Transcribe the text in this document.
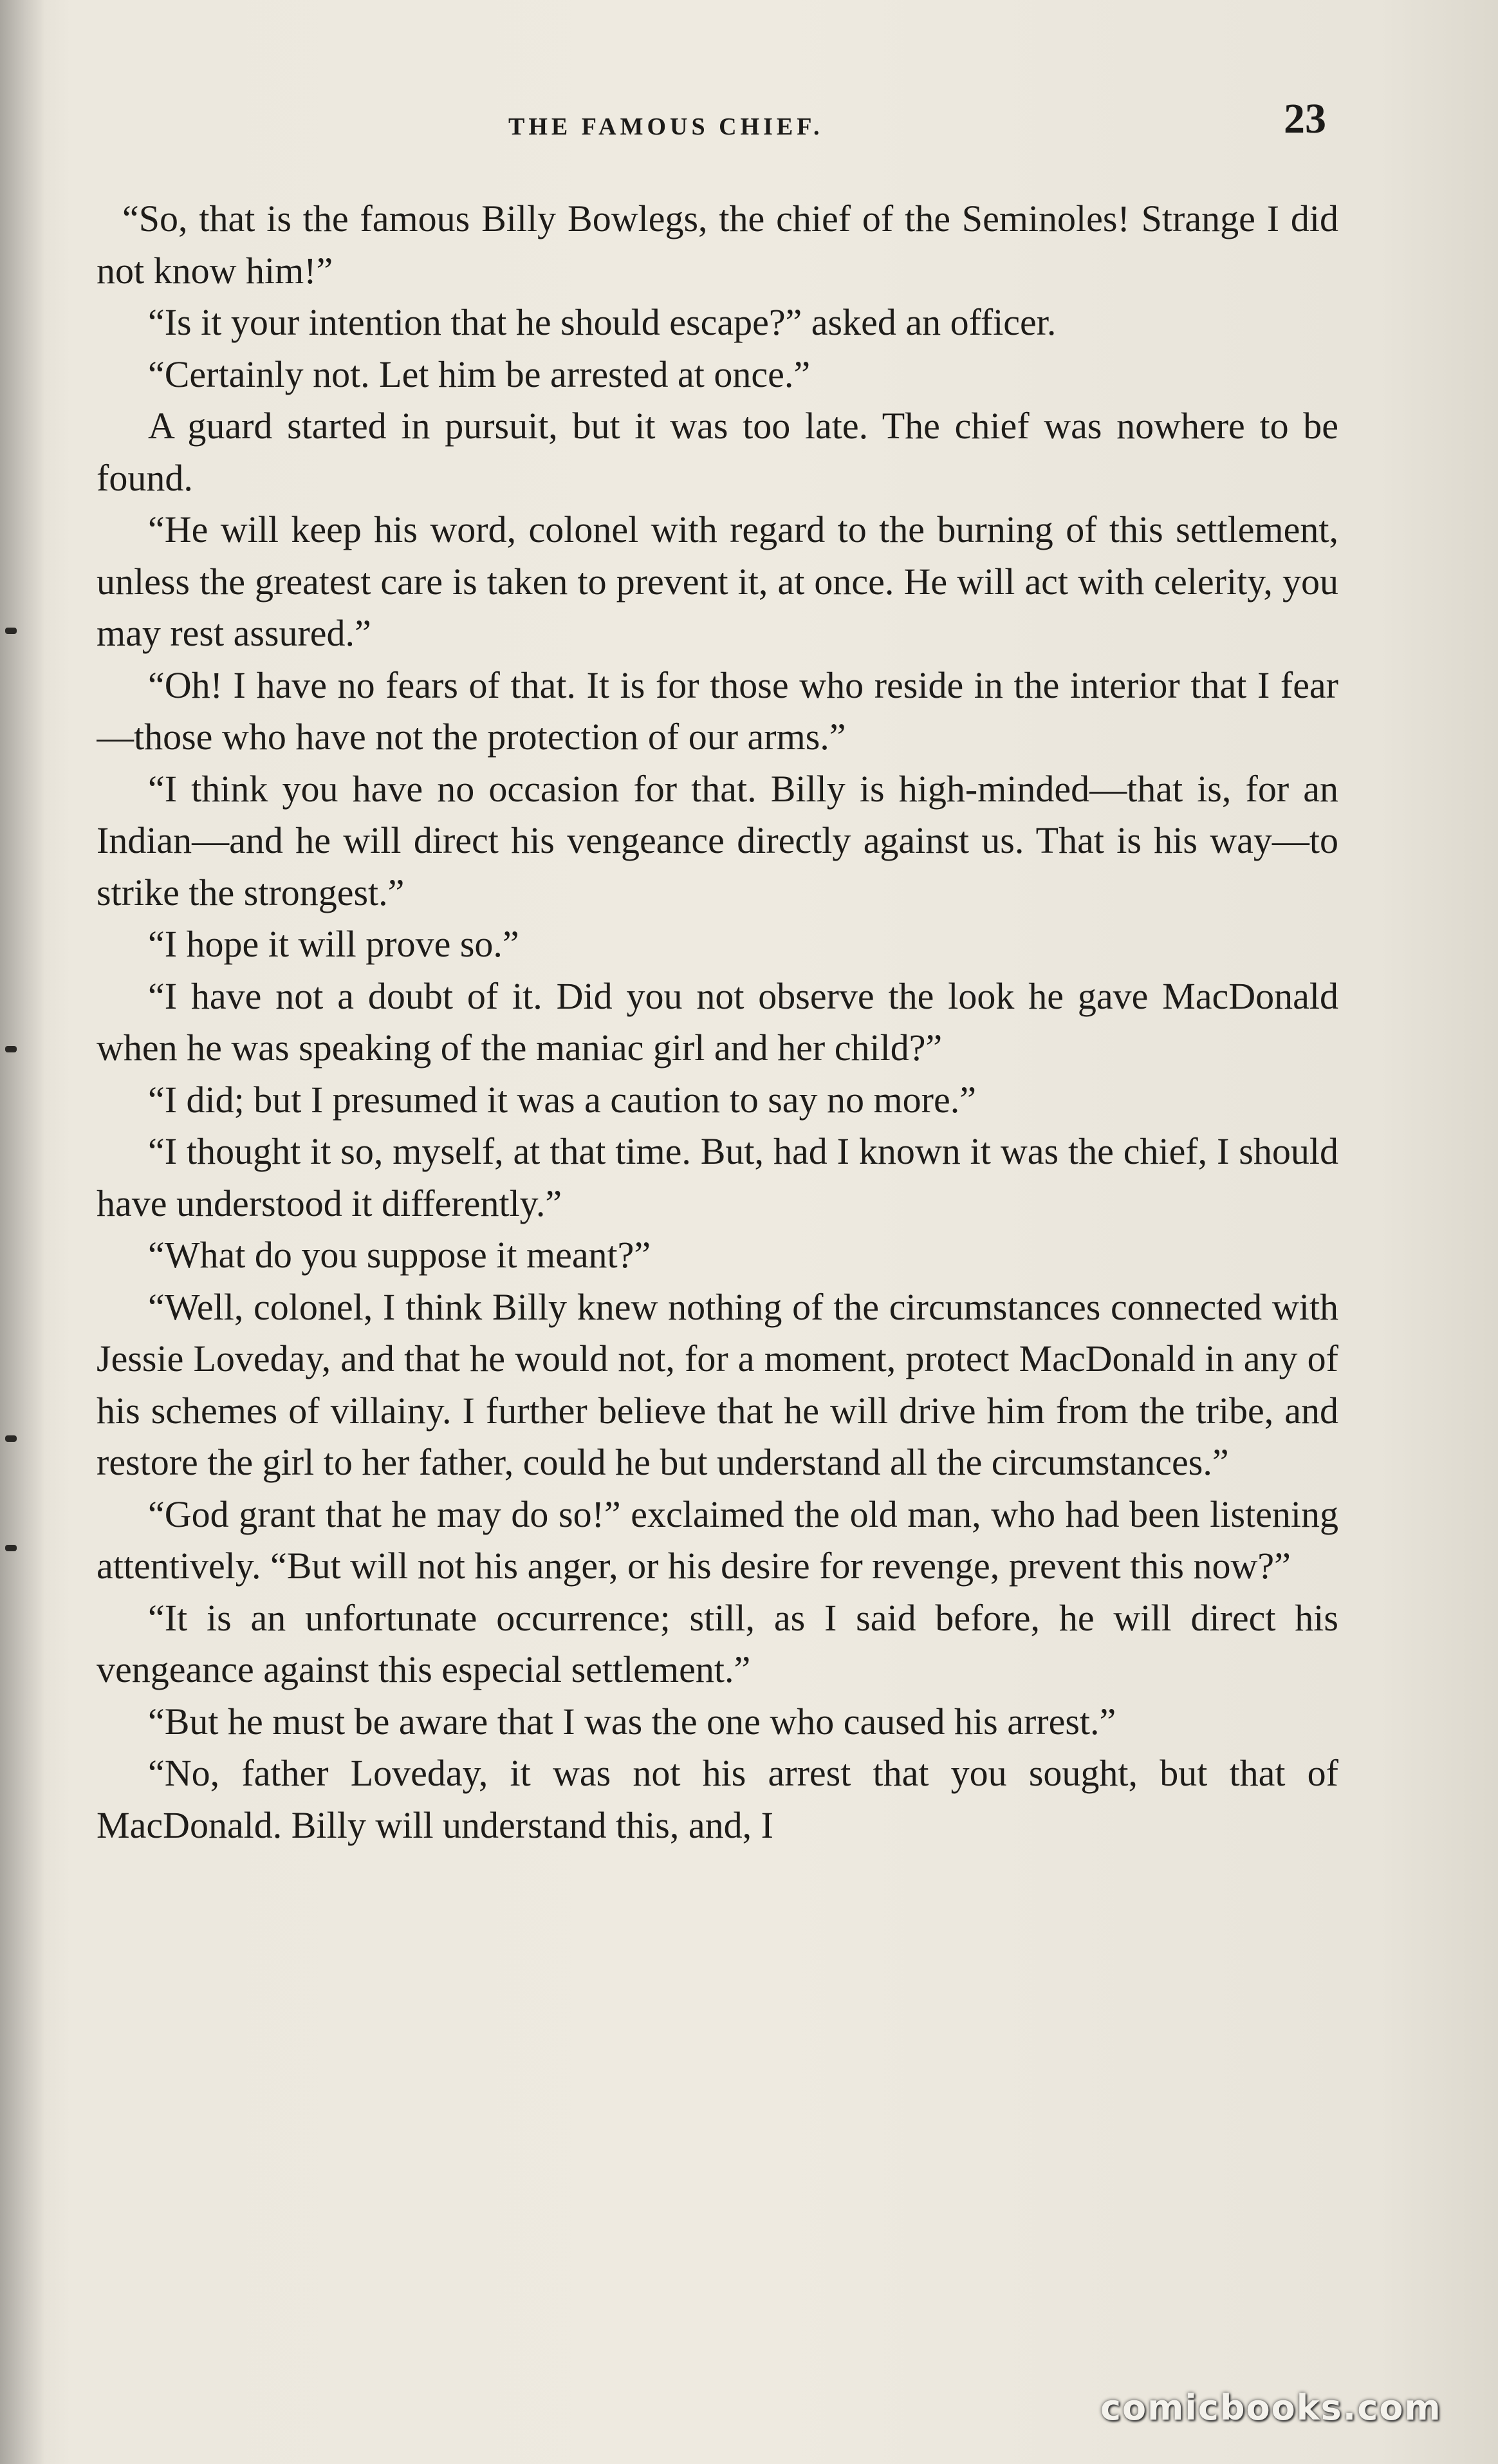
THE FAMOUS CHIEF.	23

“So, that is the famous Billy Bowlegs, the chief of the Seminoles! Strange I did not know him!”

“Is it your intention that he should escape?” asked an officer.

“Certainly not. Let him be arrested at once.”

A guard started in pursuit, but it was too late. The chief was nowhere to be found.

“He will keep his word, colonel with regard to the burning of this settlement, unless the greatest care is taken to prevent it, at once. He will act with celerity, you may rest assured.”

“Oh! I have no fears of that. It is for those who reside in the interior that I fear—those who have not the protection of our arms.”

“I think you have no occasion for that. Billy is high-minded—that is, for an Indian—and he will direct his vengeance directly against us. That is his way—to strike the strongest.”

“I hope it will prove so.”

“I have not a doubt of it. Did you not observe the look he gave MacDonald when he was speaking of the maniac girl and her child?”

“I did; but I presumed it was a caution to say no more.”

“I thought it so, myself, at that time. But, had I known it was the chief, I should have understood it differently.”

“What do you suppose it meant?”

“Well, colonel, I think Billy knew nothing of the circumstances connected with Jessie Loveday, and that he would not, for a moment, protect MacDonald in any of his schemes of villainy. I further believe that he will drive him from the tribe, and restore the girl to her father, could he but understand all the circumstances.”

“God grant that he may do so!” exclaimed the old man, who had been listening attentively. “But will not his anger, or his desire for revenge, prevent this now?”

“It is an unfortunate occurrence; still, as I said before, he will direct his vengeance against this especial settlement.”

“But he must be aware that I was the one who caused his arrest.”

“No, father Loveday, it was not his arrest that you sought, but that of MacDonald. Billy will understand this, and, I

comicbooks.com
